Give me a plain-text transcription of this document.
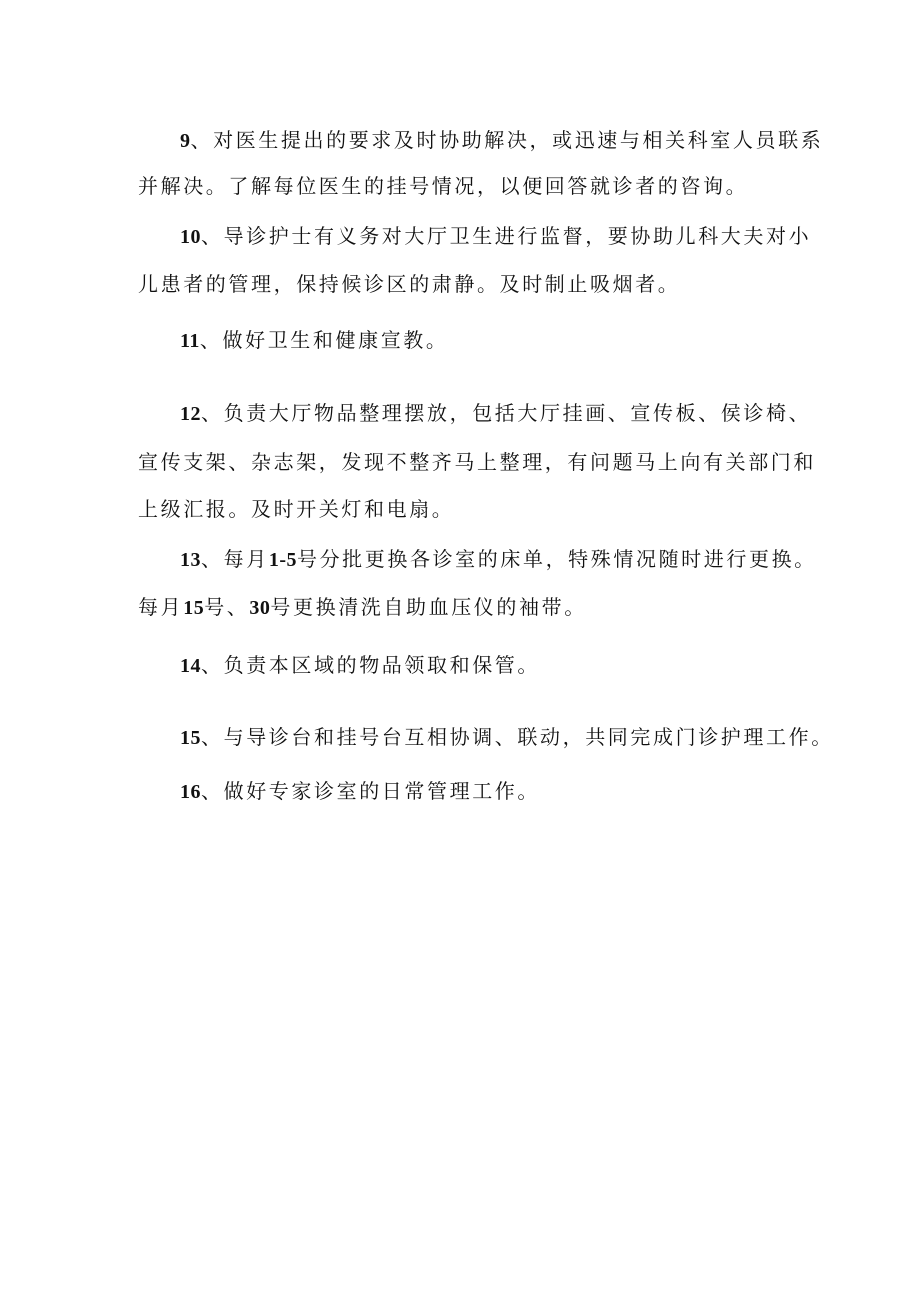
9、对医生提出的要求及时协助解决，或迅速与相关科室人员联系
并解决。了解每位医生的挂号情况，以便回答就诊者的咨询。
10、导诊护士有义务对大厅卫生进行监督，要协助儿科大夫对小
儿患者的管理，保持候诊区的肃静。及时制止吸烟者。
11、做好卫生和健康宣教。
12、负责大厅物品整理摆放，包括大厅挂画、宣传板、侯诊椅、
宣传支架、杂志架，发现不整齐马上整理，有问题马上向有关部门和
上级汇报。及时开关灯和电扇。
13、每月1-5号分批更换各诊室的床单，特殊情况随时进行更换。
每月15号、30号更换清洗自助血压仪的袖带。
14、负责本区域的物品领取和保管。
15、与导诊台和挂号台互相协调、联动，共同完成门诊护理工作。
16、做好专家诊室的日常管理工作。
